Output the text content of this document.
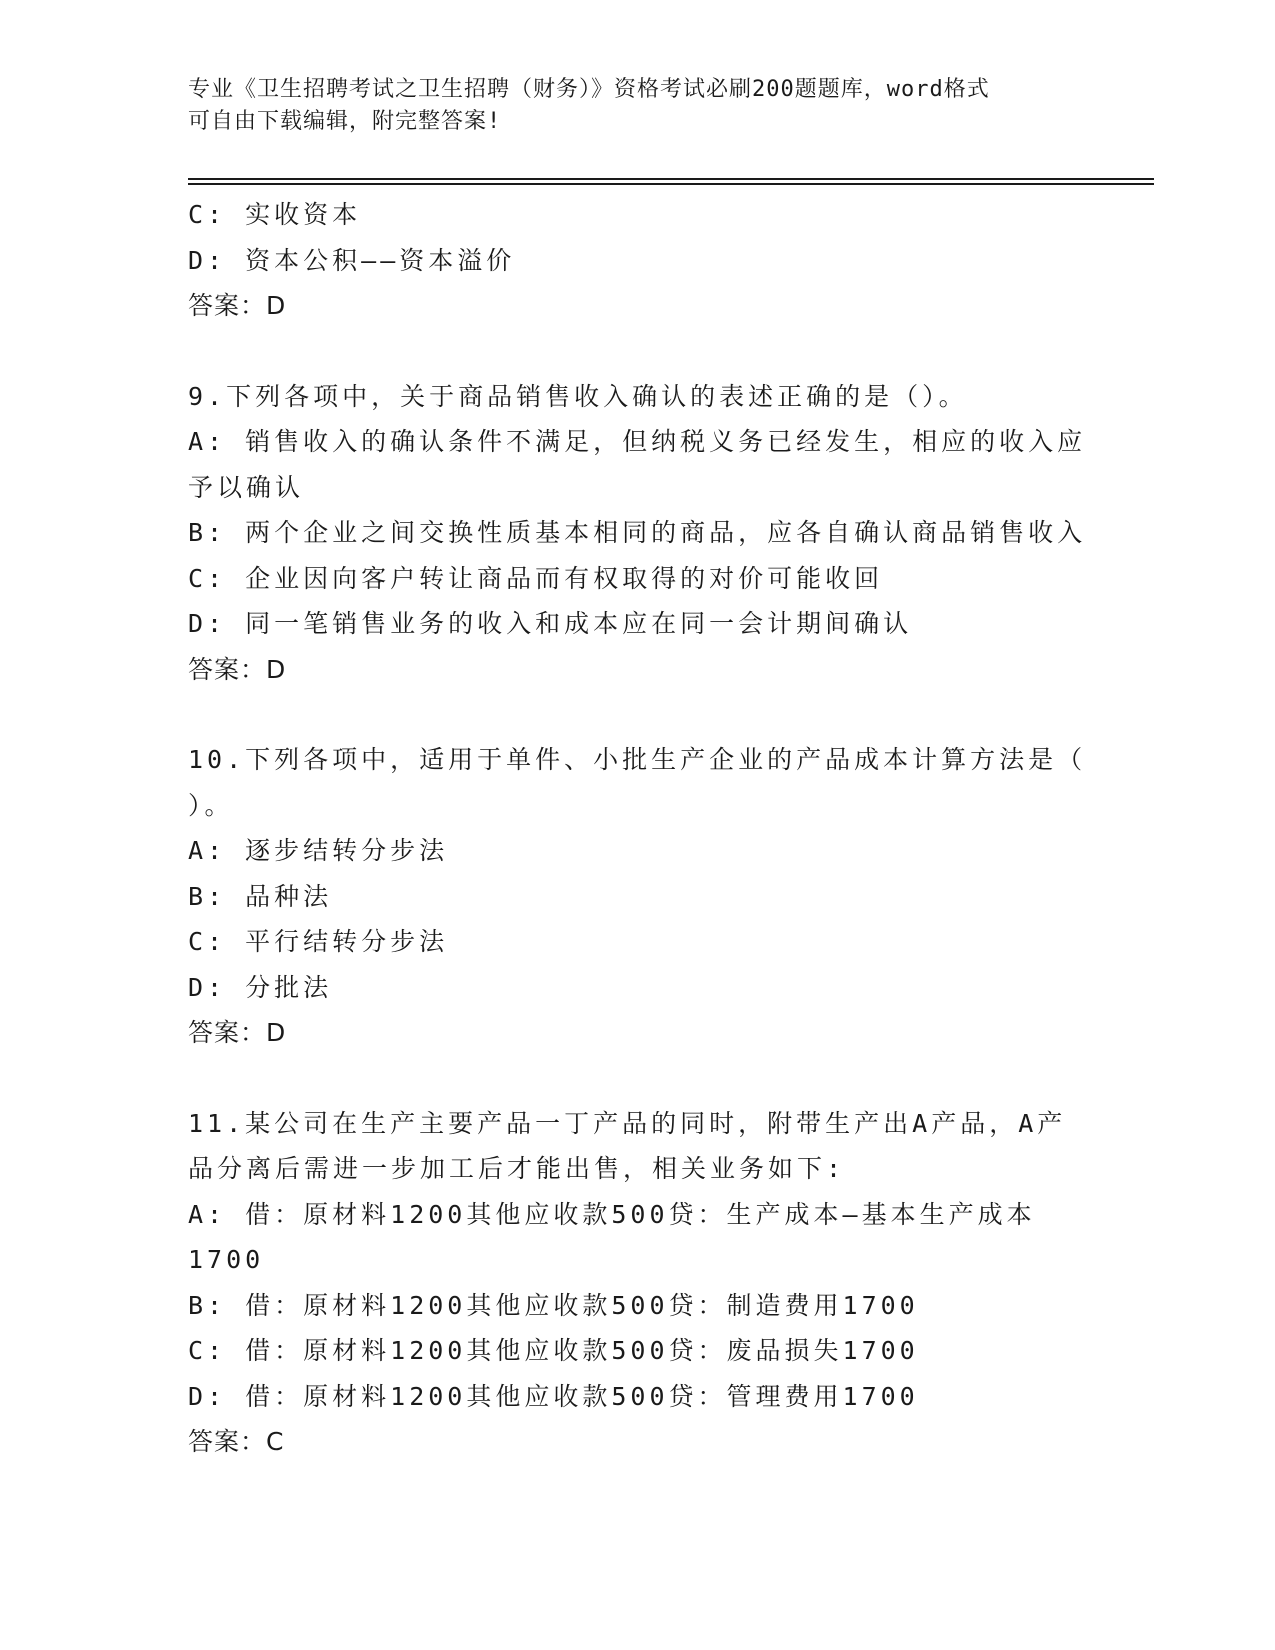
专业《卫生招聘考试之卫生招聘（财务）》资格考试必刷200题题库，word格式
可自由下载编辑，附完整答案!
C: 实收资本
D: 资本公积——资本溢价
答案：D
9.下列各项中，关于商品销售收入确认的表述正确的是（）。
A: 销售收入的确认条件不满足，但纳税义务已经发生，相应的收入应
予以确认
B: 两个企业之间交换性质基本相同的商品，应各自确认商品销售收入
C: 企业因向客户转让商品而有权取得的对价可能收回
D: 同一笔销售业务的收入和成本应在同一会计期间确认
答案：D
10.下列各项中，适用于单件、小批生产企业的产品成本计算方法是（
）。
A: 逐步结转分步法
B: 品种法
C: 平行结转分步法
D: 分批法
答案：D
11.某公司在生产主要产品一丁产品的同时，附带生产出A产品，A产
品分离后需进一步加工后才能出售，相关业务如下:
A: 借：原材料1200其他应收款500贷：生产成本—基本生产成本
1700
B: 借：原材料1200其他应收款500贷：制造费用1700
C: 借：原材料1200其他应收款500贷：废品损失1700
D: 借：原材料1200其他应收款500贷：管理费用1700
答案：C
